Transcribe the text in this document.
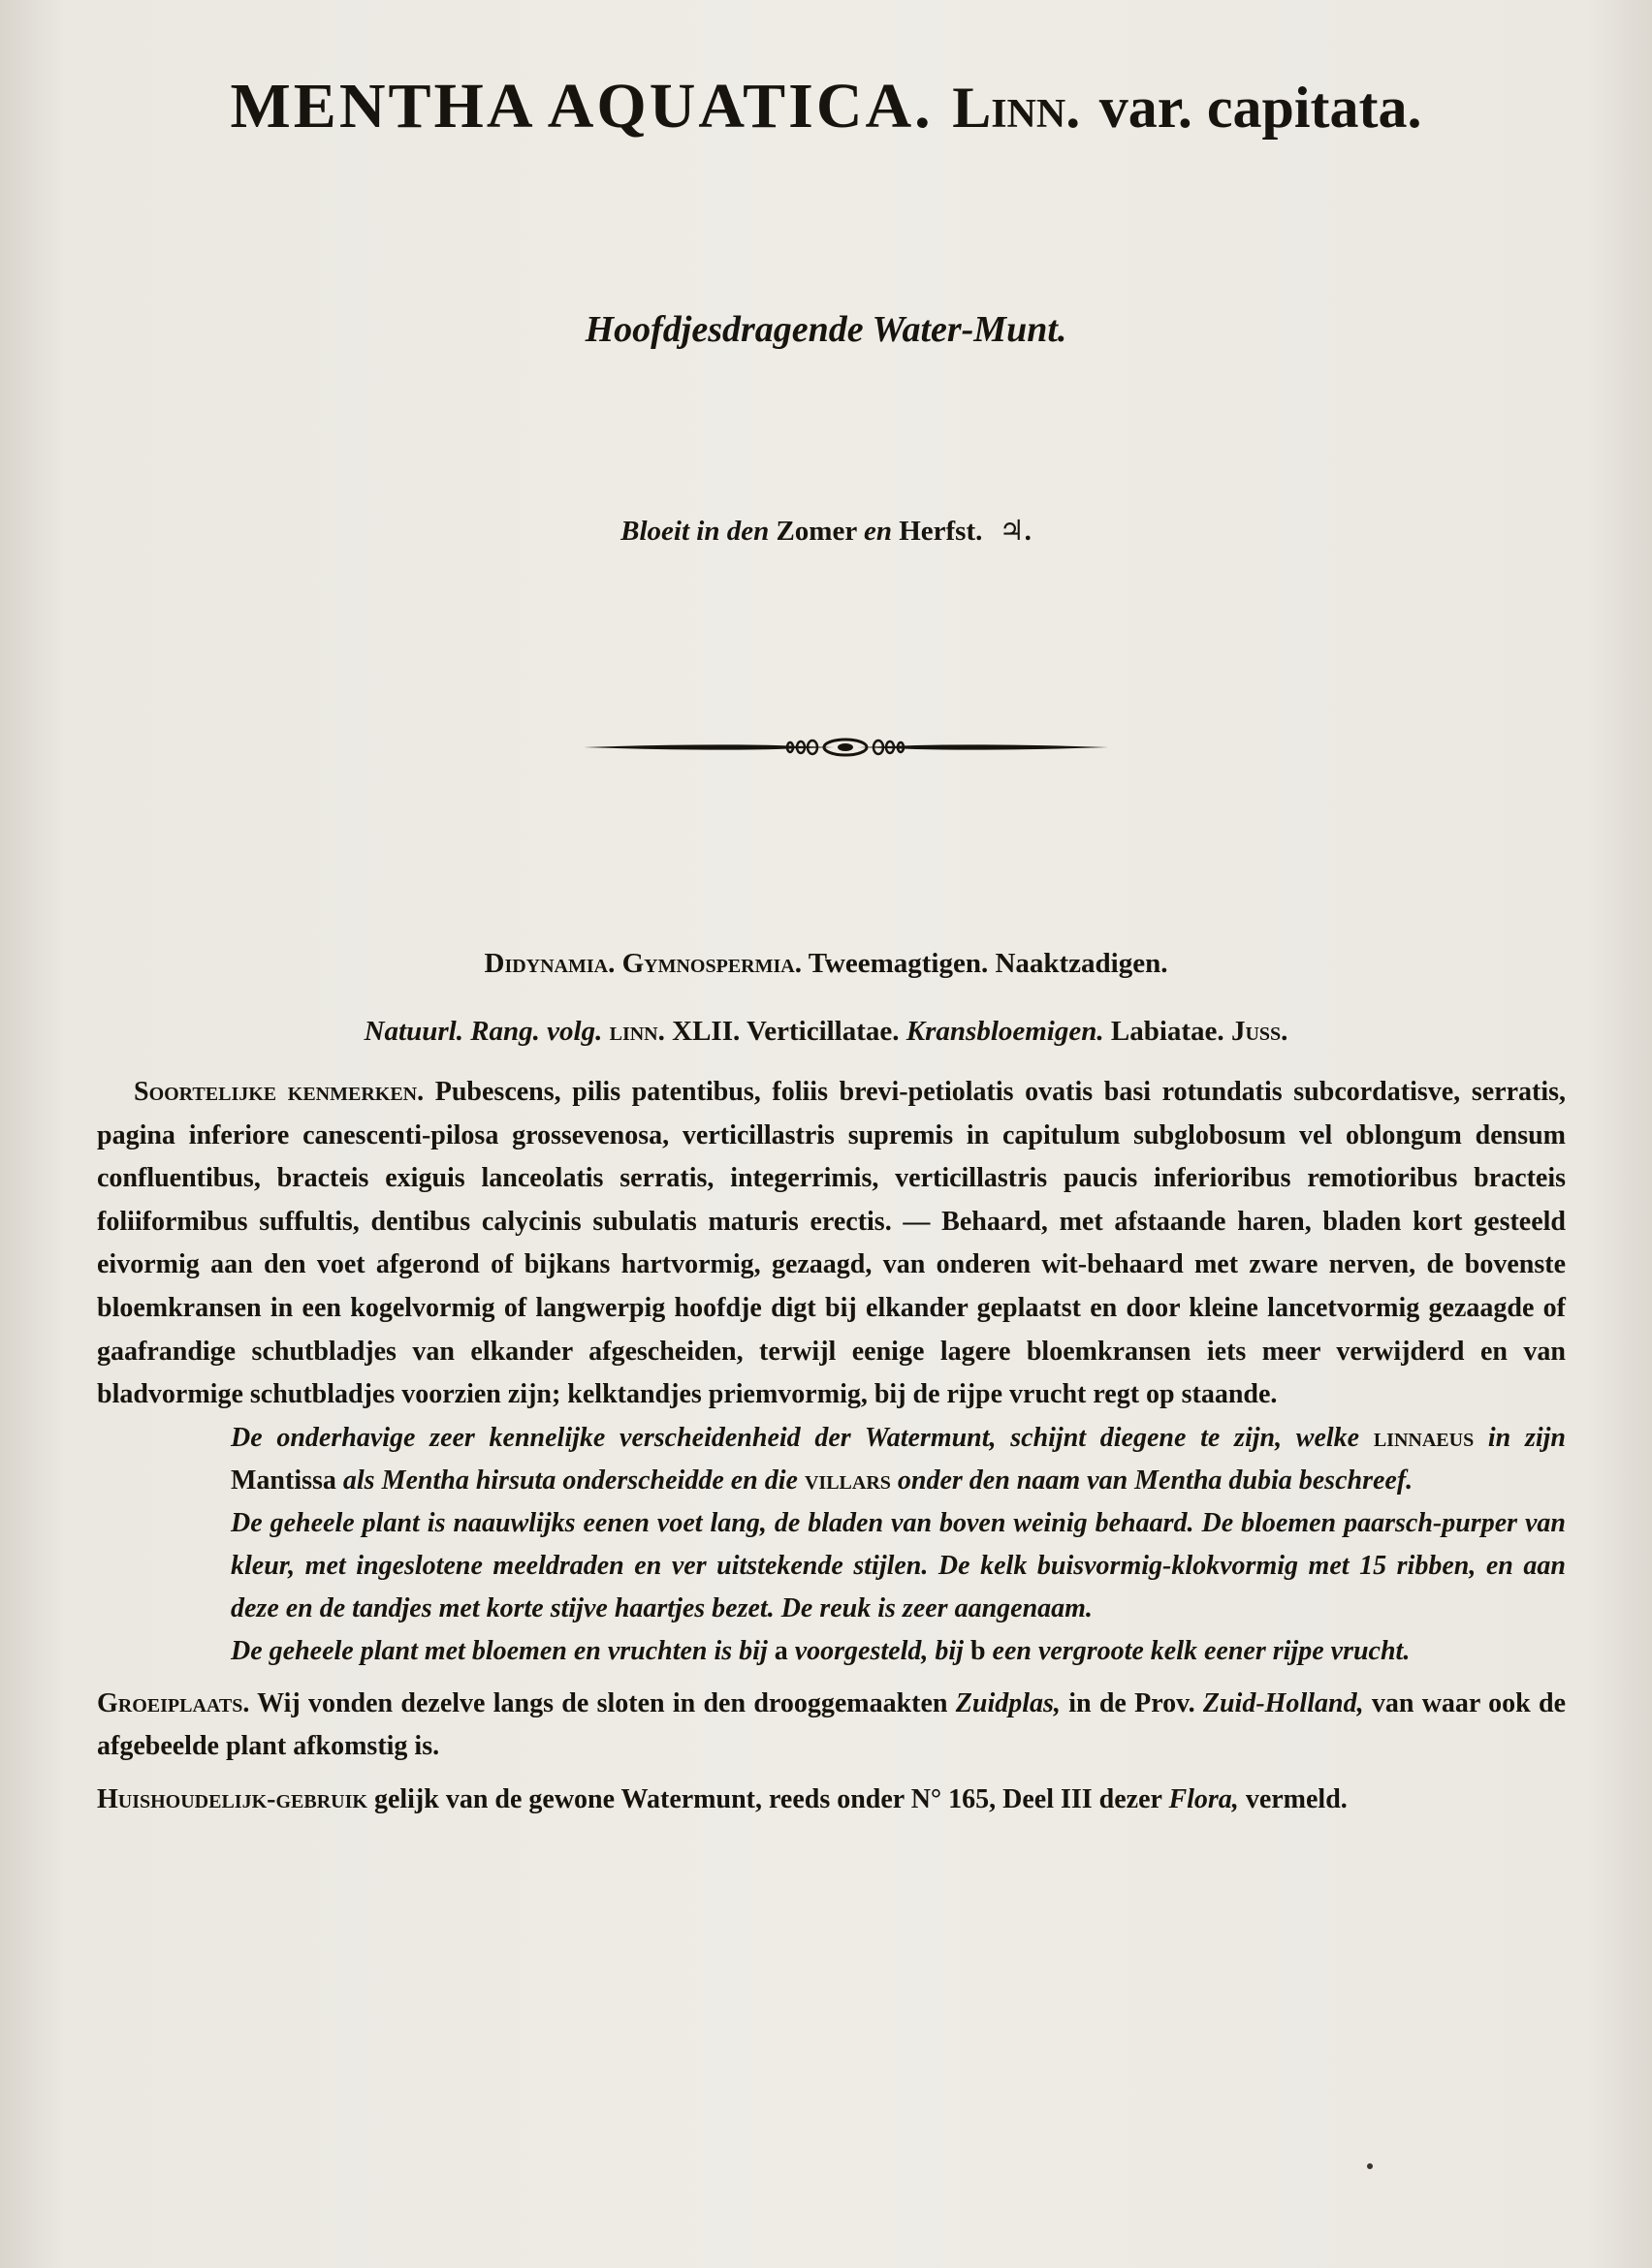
MENTHA AQUATICA. Linn. var. capitata.
Hoofdjesdragende Water-Munt.
Bloeit in den Zomer en Herfst. ♃.
Didynamia. Gymnospermia. Tweemagtigen. Naaktzadigen.
Natuurl. Rang. volg. linn. XLII. Verticillatae. Kransbloemigen. Labiatae. Juss.

Soortelijke kenmerken. Pubescens, pilis patentibus, foliis brevi-petiolatis ovatis basi rotundatis subcordatisve, serratis, pagina inferiore canescenti-pilosa grossevenosa, verticillastris supremis in capitulum subglobosum vel oblongum densum confluentibus, bracteis exiguis lanceolatis serratis, integerrimis, verticillastris paucis inferioribus remotioribus bracteis foliiformibus suffultis, dentibus calycinis subulatis maturis erectis. — Behaard, met afstaande haren, bladen kort gesteeld eivormig aan den voet afgerond of bijkans hartvormig, gezaagd, van onderen wit-behaard met zware nerven, de bovenste bloemkransen in een kogelvormig of langwerpig hoofdje digt bij elkander geplaatst en door kleine lancetvormig gezaagde of gaafrandige schutbladjes van elkander afgescheiden, terwijl eenige lagere bloemkransen iets meer verwijderd en van bladvormige schutbladjes voorzien zijn; kelktandjes priemvormig, bij de rijpe vrucht regt op staande.

De onderhavige zeer kennelijke verscheidenheid der Watermunt, schijnt diegene te zijn, welke linnaeus in zijn Mantissa als Mentha hirsuta onderscheidde en die villars onder den naam van Mentha dubia beschreef.

De geheele plant is naauwlijks eenen voet lang, de bladen van boven weinig behaard. De bloemen paarsch-purper van kleur, met ingeslotene meeldraden en ver uitstekende stijlen. De kelk buisvormig-klokvormig met 15 ribben, en aan deze en de tandjes met korte stijve haartjes bezet. De reuk is zeer aangenaam.

De geheele plant met bloemen en vruchten is bij a voorgesteld, bij b een vergroote kelk eener rijpe vrucht.

Groeiplaats. Wij vonden dezelve langs de sloten in den drooggemaakten Zuidplas, in de Prov. Zuid-Holland, van waar ook de afgebeelde plant afkomstig is.

Huishoudelijk-gebruik gelijk van de gewone Watermunt, reeds onder N° 165, Deel III dezer Flora, vermeld.
